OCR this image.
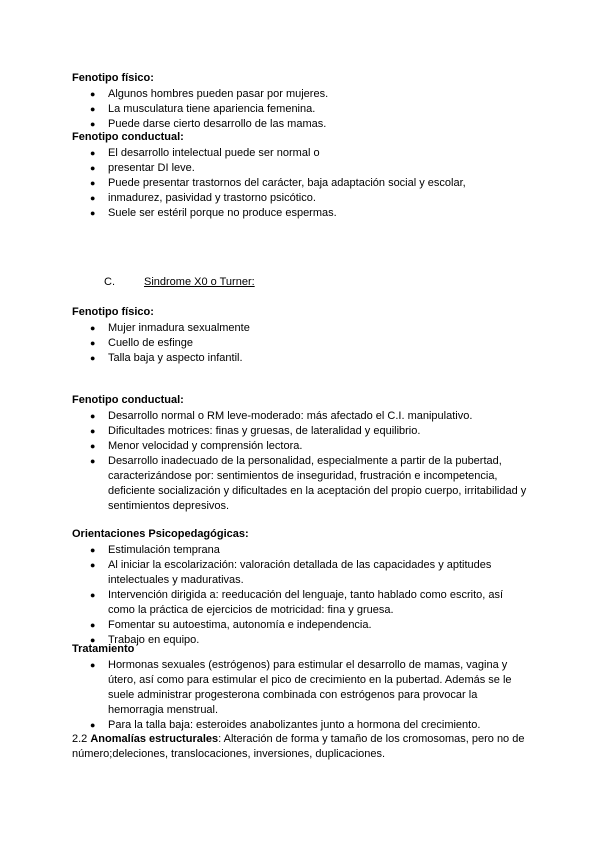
Fenotipo físico:
● Algunos hombres pueden pasar por mujeres.
● La musculatura tiene apariencia femenina.
● Puede darse cierto desarrollo de las mamas.
Fenotipo conductual:
● El desarrollo intelectual puede ser normal o
● presentar DI leve.
● Puede presentar trastornos del carácter, baja adaptación social y escolar,
● inmadurez, pasividad y trastorno psicótico.
● Suele ser estéril porque no produce espermas.
C.	Sindrome X0 o Turner:
Fenotipo físico:
● Mujer inmadura sexualmente
● Cuello de esfinge
● Talla baja y aspecto infantil.
Fenotipo conductual:
● Desarrollo normal o RM leve-moderado: más afectado el C.I. manipulativo.
● Dificultades motrices: finas y gruesas, de lateralidad y equilibrio.
● Menor velocidad y comprensión lectora.
● Desarrollo inadecuado de la personalidad, especialmente a partir de la pubertad, caracterizándose por: sentimientos de inseguridad, frustración e incompetencia, deficiente socialización y dificultades en la aceptación del propio cuerpo, irritabilidad y sentimientos depresivos.
Orientaciones Psicopedagógicas:
● Estimulación temprana
● Al iniciar la escolarización: valoración detallada de las capacidades y aptitudes intelectuales y madurativas.
● Intervención dirigida a: reeducación del lenguaje, tanto hablado como escrito, así como la práctica de ejercicios de motricidad: fina y gruesa.
● Fomentar su autoestima, autonomía e independencia.
● Trabajo en equipo.
Tratamiento
● Hormonas sexuales (estrógenos) para estimular el desarrollo de mamas, vagina y útero, así como para estimular el pico de crecimiento en la pubertad. Además se le suele administrar progesterona combinada con estrógenos para provocar la hemorragia menstrual.
● Para la talla baja: esteroides anabolizantes junto a hormona del crecimiento.
2.2 Anomalías estructurales: Alteración de forma y tamaño de los cromosomas, pero no de número;deleciones, translocaciones, inversiones, duplicaciones.
